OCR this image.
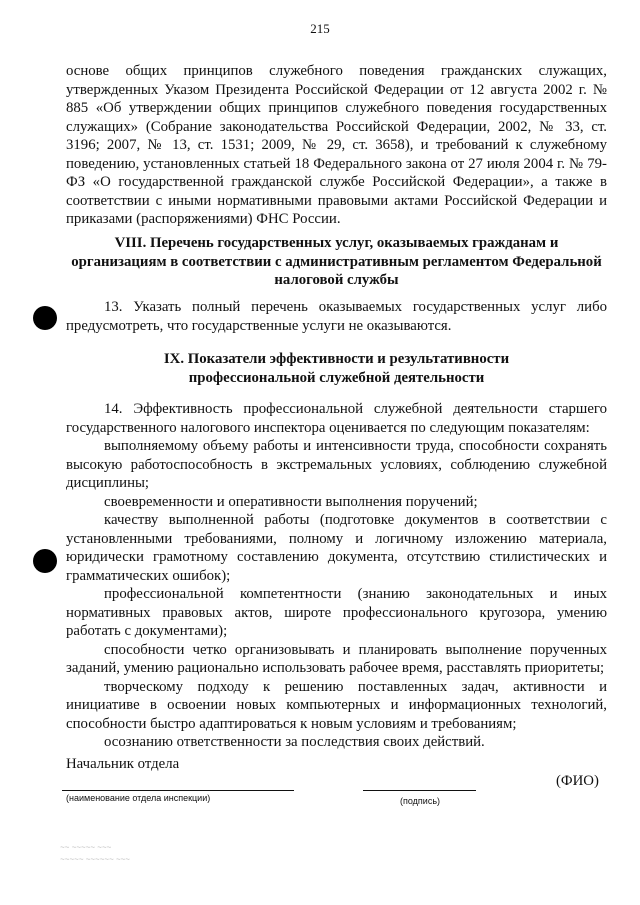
215

основе общих принципов служебного поведения гражданских служащих, утвержденных Указом Президента Российской Федерации от 12 августа 2002 г. № 885 «Об утверждении общих принципов служебного поведения государственных служащих» (Собрание законодательства Российской Федерации, 2002, № 33, ст. 3196; 2007, № 13, ст. 1531; 2009, № 29, ст. 3658), и требований к служебному поведению, установленных статьей 18 Федерального закона от 27 июля 2004 г. № 79-ФЗ «О государственной гражданской службе Российской Федерации», а также в соответствии с иными нормативными правовыми актами Российской Федерации и приказами (распоряжениями) ФНС России.

VIII. Перечень государственных услуг, оказываемых гражданам и организациям в соответствии с административным регламентом Федеральной налоговой службы

13. Указать полный перечень оказываемых государственных услуг либо предусмотреть, что государственные услуги не оказываются.

IX. Показатели эффективности и результативности профессиональной служебной деятельности

14. Эффективность профессиональной служебной деятельности старшего государственного налогового инспектора оценивается по следующим показателям:

выполняемому объему работы и интенсивности труда, способности сохранять высокую работоспособность в экстремальных условиях, соблюдению служебной дисциплины;

своевременности и оперативности выполнения поручений;

качеству выполненной работы (подготовке документов в соответствии с установленными требованиями, полному и логичному изложению материала, юридически грамотному составлению документа, отсутствию стилистических и грамматических ошибок);

профессиональной компетентности (знанию законодательных и иных нормативных правовых актов, широте профессионального кругозора, умению работать с документами);

способности четко организовывать и планировать выполнение порученных заданий, умению рационально использовать рабочее время, расставлять приоритеты;

творческому подходу к решению поставленных задач, активности и инициативе в освоении новых компьютерных и информационных технологий, способности быстро адаптироваться к новым условиям и требованиям;

осознанию ответственности за последствия своих действий.

Начальник отдела
(ФИО)
(наименование отдела инспекции)	(подпись)
~~ ~~~~~ ~~~
~~~~~ ~~~~~~ ~~~
